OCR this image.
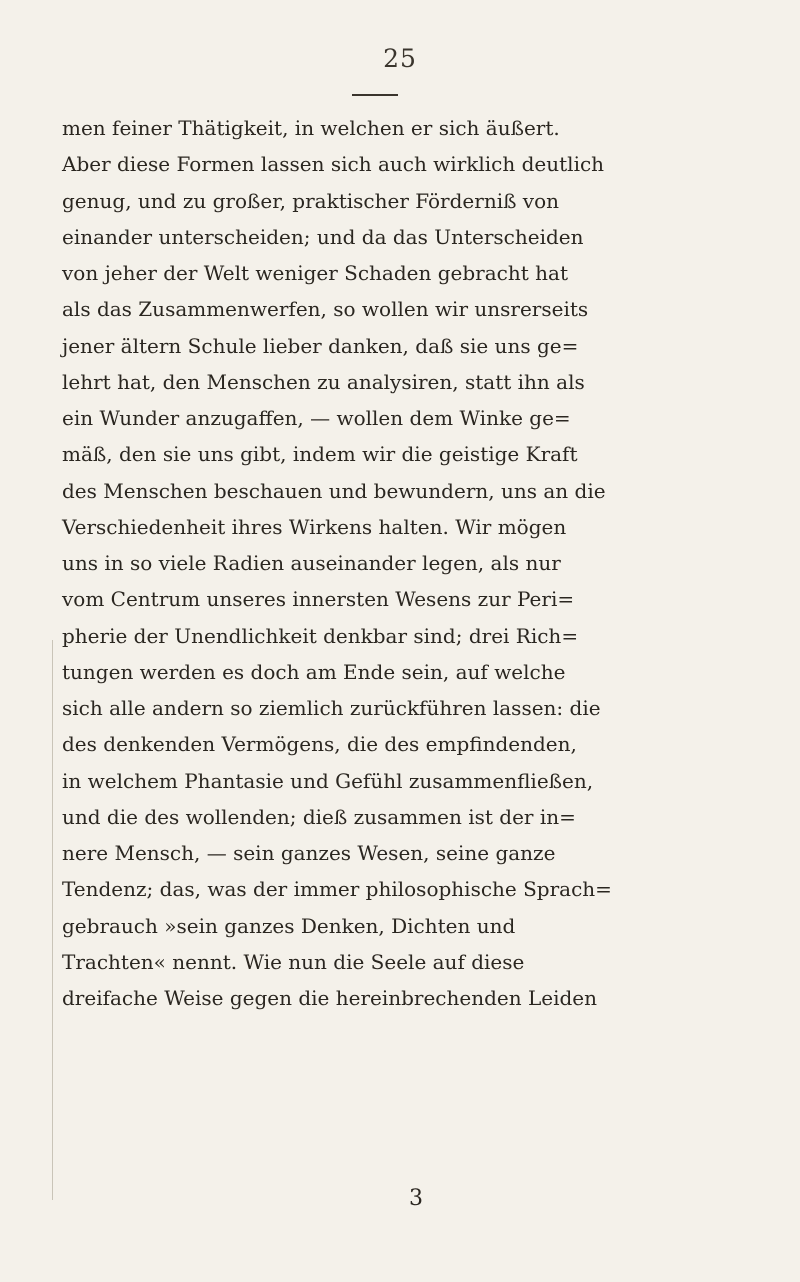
25
men feiner Thätigkeit, in welchen er sich äußert.
Aber diese Formen lassen sich auch wirklich deutlich
genug, und zu großer, praktischer Förderniß von
einander unterscheiden; und da das Unterscheiden
von jeher der Welt weniger Schaden gebracht hat
als das Zusammenwerfen, so wollen wir unsrerseits
jener ältern Schule lieber danken, daß sie uns ge=
lehrt hat, den Menschen zu analysiren, statt ihn als
ein Wunder anzugaffen, — wollen dem Winke ge=
mäß, den sie uns gibt, indem wir die geistige Kraft
des Menschen beschauen und bewundern, uns an die
Verschiedenheit ihres Wirkens halten. Wir mögen
uns in so viele Radien auseinander legen, als nur
vom Centrum unseres innersten Wesens zur Peri=
pherie der Unendlichkeit denkbar sind; drei Rich=
tungen werden es doch am Ende sein, auf welche
sich alle andern so ziemlich zurückführen lassen: die
des denkenden Vermögens, die des empfindenden,
in welchem Phantasie und Gefühl zusammenfließen,
und die des wollenden; dieß zusammen ist der in=
nere Mensch, — sein ganzes Wesen, seine ganze
Tendenz; das, was der immer philosophische Sprach=
gebrauch »sein ganzes Denken, Dichten und
Trachten« nennt. Wie nun die Seele auf diese
dreifache Weise gegen die hereinbrechenden Leiden
3
